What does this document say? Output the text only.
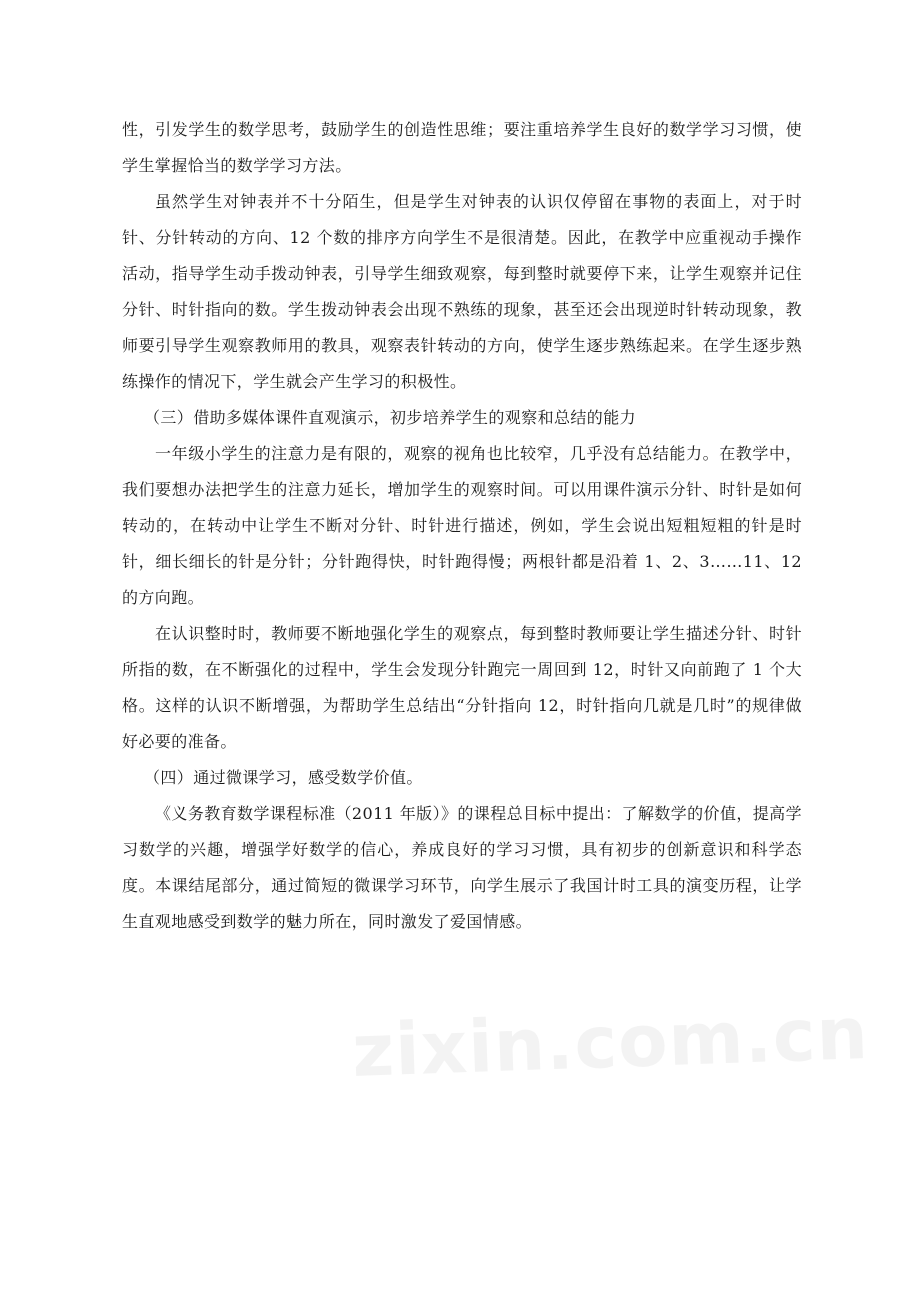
性，引发学生的数学思考，鼓励学生的创造性思维；要注重培养学生良好的数学学习习惯，使学生掌握恰当的数学学习方法。

虽然学生对钟表并不十分陌生，但是学生对钟表的认识仅停留在事物的表面上，对于时针、分针转动的方向、12 个数的排序方向学生不是很清楚。因此，在教学中应重视动手操作活动，指导学生动手拨动钟表，引导学生细致观察，每到整时就要停下来，让学生观察并记住分针、时针指向的数。学生拨动钟表会出现不熟练的现象，甚至还会出现逆时针转动现象，教师要引导学生观察教师用的教具，观察表针转动的方向，使学生逐步熟练起来。在学生逐步熟练操作的情况下，学生就会产生学习的积极性。

（三）借助多媒体课件直观演示，初步培养学生的观察和总结的能力

一年级小学生的注意力是有限的，观察的视角也比较窄，几乎没有总结能力。在教学中，我们要想办法把学生的注意力延长，增加学生的观察时间。可以用课件演示分针、时针是如何转动的，在转动中让学生不断对分针、时针进行描述，例如，学生会说出短粗短粗的针是时针，细长细长的针是分针；分针跑得快，时针跑得慢；两根针都是沿着 1、2、3……11、12 的方向跑。

在认识整时时，教师要不断地强化学生的观察点，每到整时教师要让学生描述分针、时针所指的数，在不断强化的过程中，学生会发现分针跑完一周回到 12，时针又向前跑了 1 个大格。这样的认识不断增强，为帮助学生总结出“分针指向 12，时针指向几就是几时”的规律做好必要的准备。

（四）通过微课学习，感受数学价值。

《义务教育数学课程标准（2011 年版）》的课程总目标中提出：了解数学的价值，提高学习数学的兴趣，增强学好数学的信心，养成良好的学习习惯，具有初步的创新意识和科学态度。本课结尾部分，通过简短的微课学习环节，向学生展示了我国计时工具的演变历程，让学生直观地感受到数学的魅力所在，同时激发了爱国情感。

zixin.com.cn
